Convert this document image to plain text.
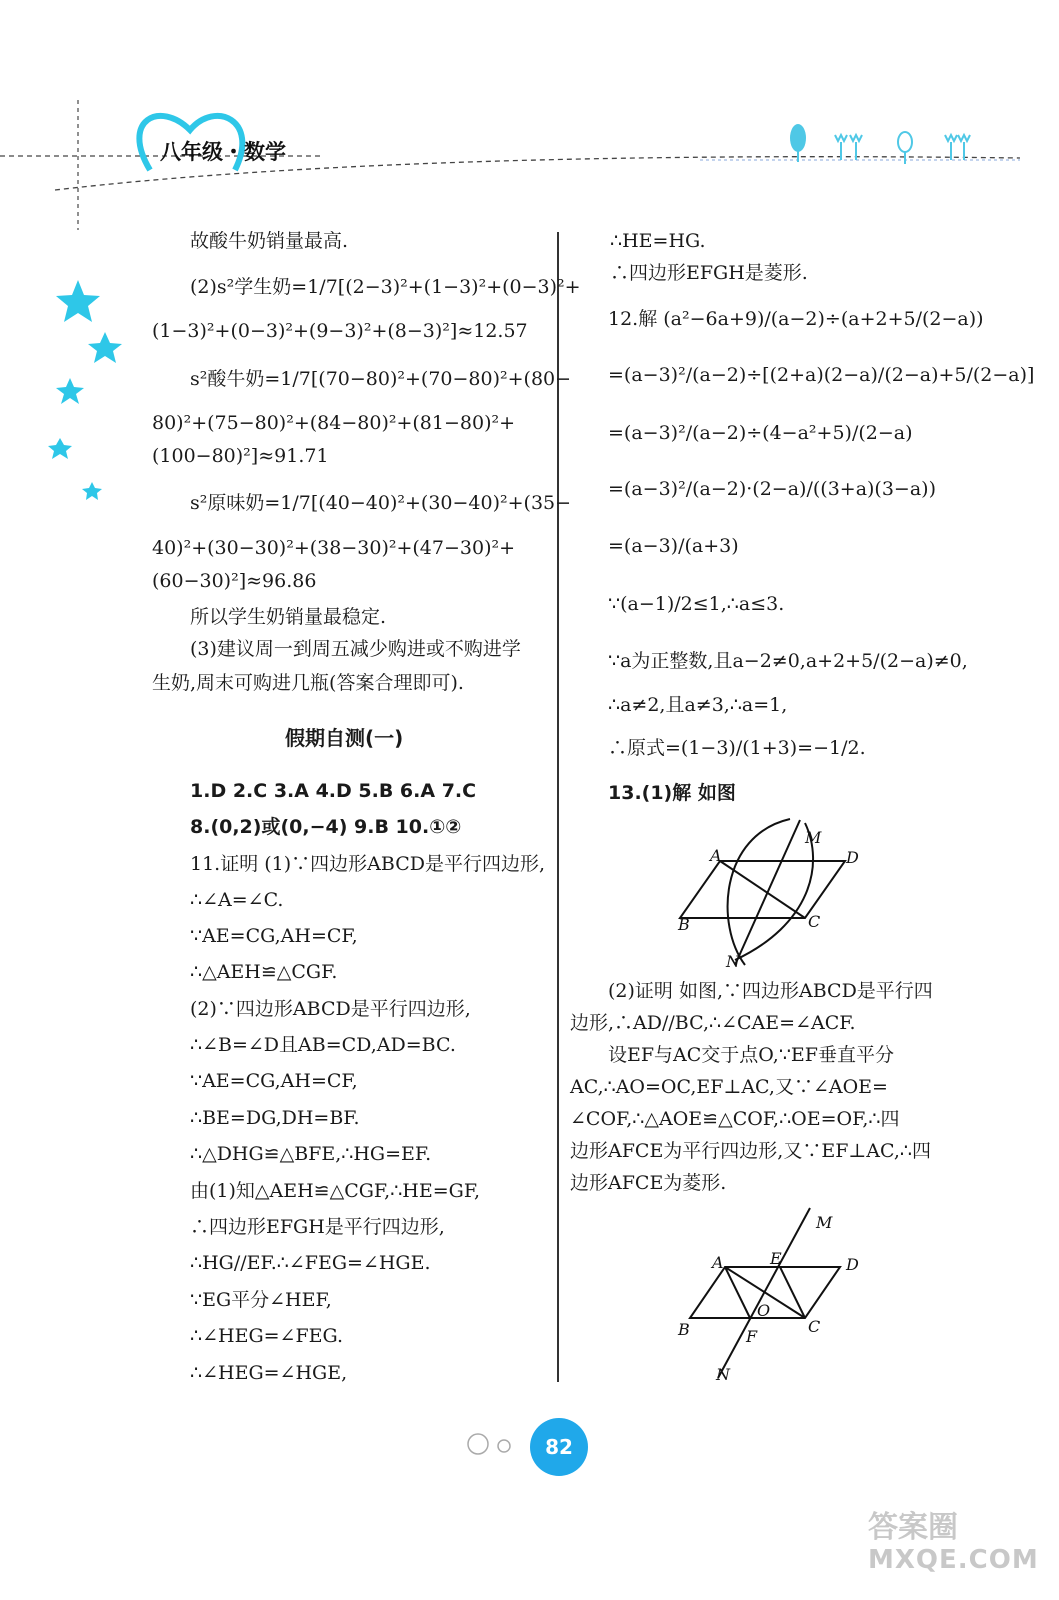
八年级・数学
故酸牛奶销量最高.
(2)s²学生奶=1/7[(2−3)²+(1−3)²+(0−3)²+
(1−3)²+(0−3)²+(9−3)²+(8−3)²]≈12.57
s²酸牛奶=1/7[(70−80)²+(70−80)²+(80−
80)²+(75−80)²+(84−80)²+(81−80)²+
(100−80)²]≈91.71
s²原味奶=1/7[(40−40)²+(30−40)²+(35−
40)²+(30−30)²+(38−30)²+(47−30)²+
(60−30)²]≈96.86
所以学生奶销量最稳定.
(3)建议周一到周五减少购进或不购进学
生奶,周末可购进几瓶(答案合理即可).
假期自测(一)
1.D 2.C 3.A 4.D 5.B 6.A 7.C
8.(0,2)或(0,−4) 9.B 10.①②
11.证明 (1)∵四边形ABCD是平行四边形,
∴∠A=∠C.
∵AE=CG,AH=CF,
∴△AEH≌△CGF.
(2)∵四边形ABCD是平行四边形,
∴∠B=∠D且AB=CD,AD=BC.
∵AE=CG,AH=CF,
∴BE=DG,DH=BF.
∴△DHG≌△BFE,∴HG=EF.
由(1)知△AEH≌△CGF,∴HE=GF,
∴四边形EFGH是平行四边形,
∴HG//EF.∴∠FEG=∠HGE.
∵EG平分∠HEF,
∴∠HEG=∠FEG.
∴∠HEG=∠HGE,
∴HE=HG.
∴四边形EFGH是菱形.
12.解 (a²−6a+9)/(a−2)÷(a+2+5/(2−a))
=(a−3)²/(a−2)÷[(2+a)(2−a)/(2−a)+5/(2−a)]
=(a−3)²/(a−2)÷(4−a²+5)/(2−a)
=(a−3)²/(a−2)·(2−a)/((3+a)(3−a))
=(a−3)/(a+3)
∵(a−1)/2≤1,∴a≤3.
∵a为正整数,且a−2≠0,a+2+5/(2−a)≠0,
∴a≠2,且a≠3,∴a=1,
∴原式=(1−3)/(1+3)=−1/2.
13.(1)解 如图
A
B	C
D
M
N
(2)证明 如图,∵四边形ABCD是平行四
边形,∴AD//BC,∴∠CAE=∠ACF.
设EF与AC交于点O,∵EF垂直平分
AC,∴AO=OC,EF⊥AC,又∵∠AOE=
∠COF,∴△AOE≌△COF,∴OE=OF,∴四
边形AFCE为平行四边形,又∵EF⊥AC,∴四
边形AFCE为菱形.
A	E	D
B	F
C
O
M
N
82
答案圈
MXQE.COM
